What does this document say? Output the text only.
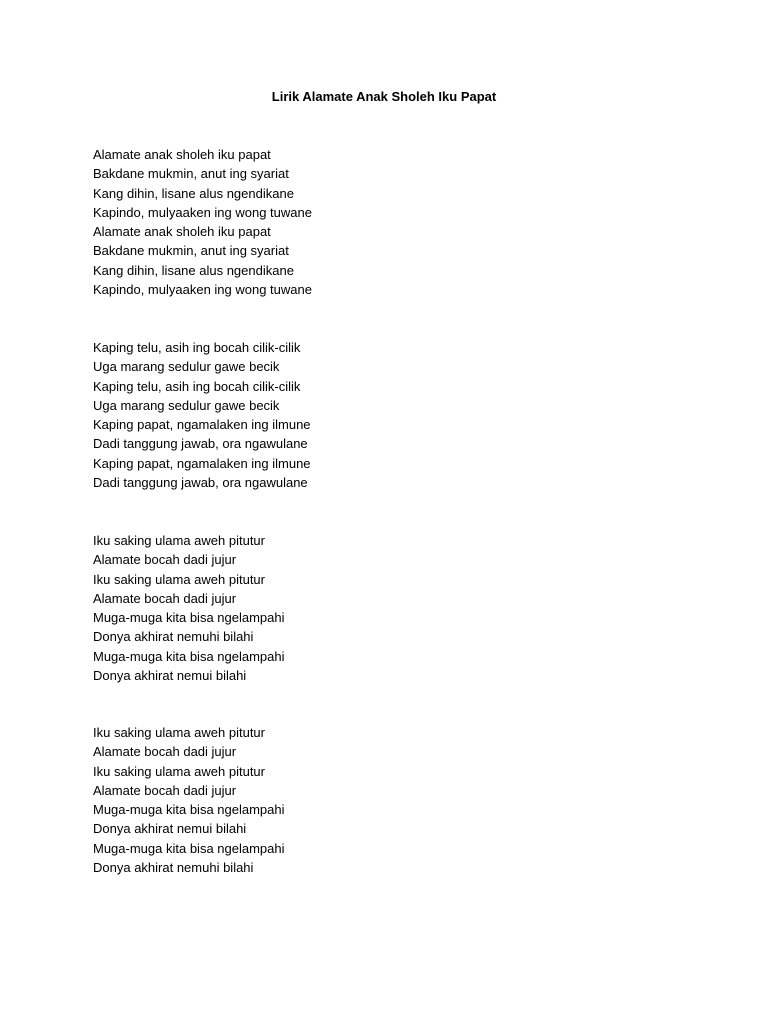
Lirik Alamate Anak Sholeh Iku Papat
Alamate anak sholeh iku papat
Bakdane mukmin, anut ing syariat
Kang dihin, lisane alus ngendikane
Kapindo, mulyaaken ing wong tuwane
Alamate anak sholeh iku papat
Bakdane mukmin, anut ing syariat
Kang dihin, lisane alus ngendikane
Kapindo, mulyaaken ing wong tuwane
Kaping telu, asih ing bocah cilik-cilik
Uga marang sedulur gawe becik
Kaping telu, asih ing bocah cilik-cilik
Uga marang sedulur gawe becik
Kaping papat, ngamalaken ing ilmune
Dadi tanggung jawab, ora ngawulane
Kaping papat, ngamalaken ing ilmune
Dadi tanggung jawab, ora ngawulane
Iku saking ulama aweh pitutur
Alamate bocah dadi jujur
Iku saking ulama aweh pitutur
Alamate bocah dadi jujur
Muga-muga kita bisa ngelampahi
Donya akhirat nemuhi bilahi
Muga-muga kita bisa ngelampahi
Donya akhirat nemui bilahi
Iku saking ulama aweh pitutur
Alamate bocah dadi jujur
Iku saking ulama aweh pitutur
Alamate bocah dadi jujur
Muga-muga kita bisa ngelampahi
Donya akhirat nemui bilahi
Muga-muga kita bisa ngelampahi
Donya akhirat nemuhi bilahi
